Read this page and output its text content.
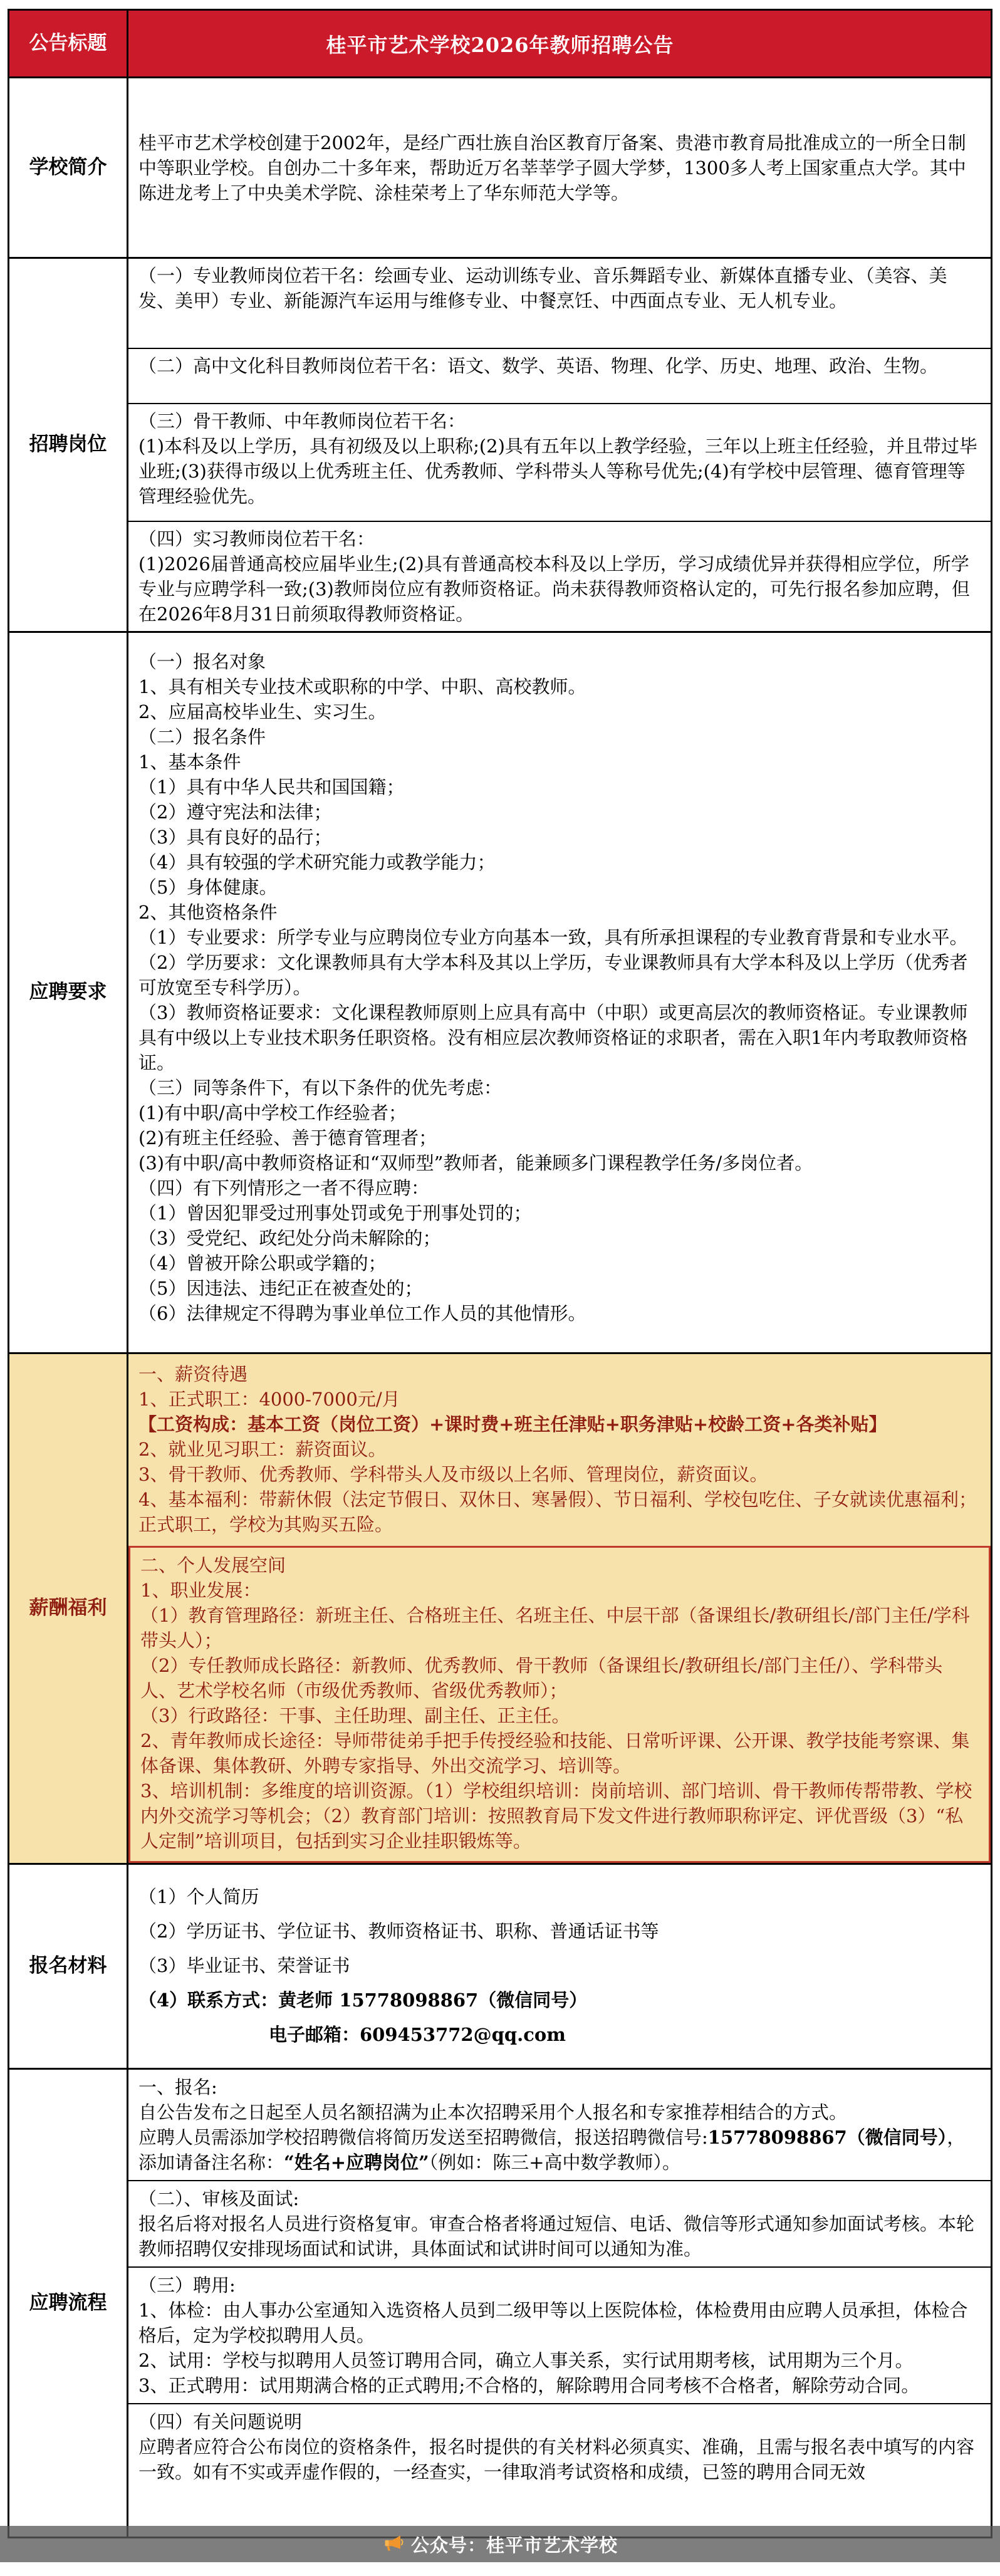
公告标题	桂平市艺术学校2026年教师招聘公告
学校简介

桂平市艺术学校创建于2002年，是经广西壮族自治区教育厅备案、贵港市教育局批准成立的一所全日制中等职业学校。自创办二十多年来，帮助近万名莘莘学子圆大学梦，1300多人考上国家重点大学。其中陈进龙考上了中央美术学院、涂桂荣考上了华东师范大学等。

招聘岗位

（一）专业教师岗位若干名：绘画专业、运动训练专业、音乐舞蹈专业、新媒体直播专业、（美容、美发、美甲）专业、新能源汽车运用与维修专业、中餐烹饪、中西面点专业、无人机专业。

（二）高中文化科目教师岗位若干名：语文、数学、英语、物理、化学、历史、地理、政治、生物。

（三）骨干教师、中年教师岗位若干名：

(1)本科及以上学历，具有初级及以上职称;(2)具有五年以上教学经验，三年以上班主任经验，并且带过毕业班;(3)获得市级以上优秀班主任、优秀教师、学科带头人等称号优先;(4)有学校中层管理、德育管理等管理经验优先。

（四）实习教师岗位若干名：

(1)2026届普通高校应届毕业生;(2)具有普通高校本科及以上学历，学习成绩优异并获得相应学位，所学专业与应聘学科一致;(3)教师岗位应有教师资格证。尚未获得教师资格认定的，可先行报名参加应聘，但在2026年8月31日前须取得教师资格证。

应聘要求

（一）报名对象

1、具有相关专业技术或职称的中学、中职、高校教师。

2、应届高校毕业生、实习生。

（二）报名条件

1、基本条件

（1）具有中华人民共和国国籍；

（2）遵守宪法和法律；

（3）具有良好的品行；

（4）具有较强的学术研究能力或教学能力；

（5）身体健康。

2、其他资格条件

（1）专业要求：所学专业与应聘岗位专业方向基本一致，具有所承担课程的专业教育背景和专业水平。

（2）学历要求：文化课教师具有大学本科及其以上学历，专业课教师具有大学本科及以上学历（优秀者可放宽至专科学历）。

（3）教师资格证要求：文化课程教师原则上应具有高中（中职）或更高层次的教师资格证。专业课教师具有中级以上专业技术职务任职资格。没有相应层次教师资格证的求职者，需在入职1年内考取教师资格证。

（三）同等条件下，有以下条件的优先考虑：

(1)有中职/高中学校工作经验者；

(2)有班主任经验、善于德育管理者；

(3)有中职/高中教师资格证和“双师型”教师者，能兼顾多门课程教学任务/多岗位者。

（四）有下列情形之一者不得应聘：

（1）曾因犯罪受过刑事处罚或免于刑事处罚的；

（3）受党纪、政纪处分尚未解除的；

（4）曾被开除公职或学籍的；

（5）因违法、违纪正在被查处的；

（6）法律规定不得聘为事业单位工作人员的其他情形。

薪酬福利

一、薪资待遇

1、正式职工：4000-7000元/月

【工资构成：基本工资（岗位工资）+课时费+班主任津贴+职务津贴+校龄工资+各类补贴】

2、就业见习职工：薪资面议。

3、骨干教师、优秀教师、学科带头人及市级以上名师、管理岗位，薪资面议。

4、基本福利：带薪休假（法定节假日、双休日、寒暑假）、节日福利、学校包吃住、子女就读优惠福利；正式职工，学校为其购买五险。

二、个人发展空间

1、职业发展：

（1）教育管理路径：新班主任、合格班主任、名班主任、中层干部（备课组长/教研组长/部门主任/学科带头人）；

（2）专任教师成长路径：新教师、优秀教师、骨干教师（备课组长/教研组长/部门主任/）、学科带头人、艺术学校名师（市级优秀教师、省级优秀教师）；

（3）行政路径：干事、主任助理、副主任、正主任。

2、青年教师成长途径：导师带徒弟手把手传授经验和技能、日常听评课、公开课、教学技能考察课、集体备课、集体教研、外聘专家指导、外出交流学习、培训等。

3、培训机制：多维度的培训资源。（1）学校组织培训：岗前培训、部门培训、骨干教师传帮带教、学校内外交流学习等机会；（2）教育部门培训：按照教育局下发文件进行教师职称评定、评优晋级（3）“私人定制”培训项目，包括到实习企业挂职锻炼等。

报名材料

（1）个人简历

（2）学历证书、学位证书、教师资格证书、职称、普通话证书等

（3）毕业证书、荣誉证书

（4）联系方式：黄老师 15778098867（微信同号）

电子邮箱：609453772@qq.com

应聘流程

一、报名:

自公告发布之日起至人员名额招满为止本次招聘采用个人报名和专家推荐相结合的方式。

应聘人员需添加学校招聘微信将简历发送至招聘微信，报送招聘微信号:15778098867（微信同号），添加请备注名称：“姓名+应聘岗位”（例如：陈三+高中数学教师）。

（二）、审核及面试:

报名后将对报名人员进行资格复审。审查合格者将通过短信、电话、微信等形式通知参加面试考核。本轮教师招聘仅安排现场面试和试讲，具体面试和试讲时间可以通知为准。

（三）聘用:

1、体检：由人事办公室通知入选资格人员到二级甲等以上医院体检，体检费用由应聘人员承担，体检合格后，定为学校拟聘用人员。

2、试用：学校与拟聘用人员签订聘用合同，确立人事关系，实行试用期考核，试用期为三个月。

3、正式聘用：试用期满合格的正式聘用;不合格的，解除聘用合同考核不合格者，解除劳动合同。

（四）有关问题说明

应聘者应符合公布岗位的资格条件，报名时提供的有关材料必须真实、准确，且需与报名表中填写的内容一致。如有不实或弄虚作假的，一经查实，一律取消考试资格和成绩，已签的聘用合同无效

公众号：桂平市艺术学校
